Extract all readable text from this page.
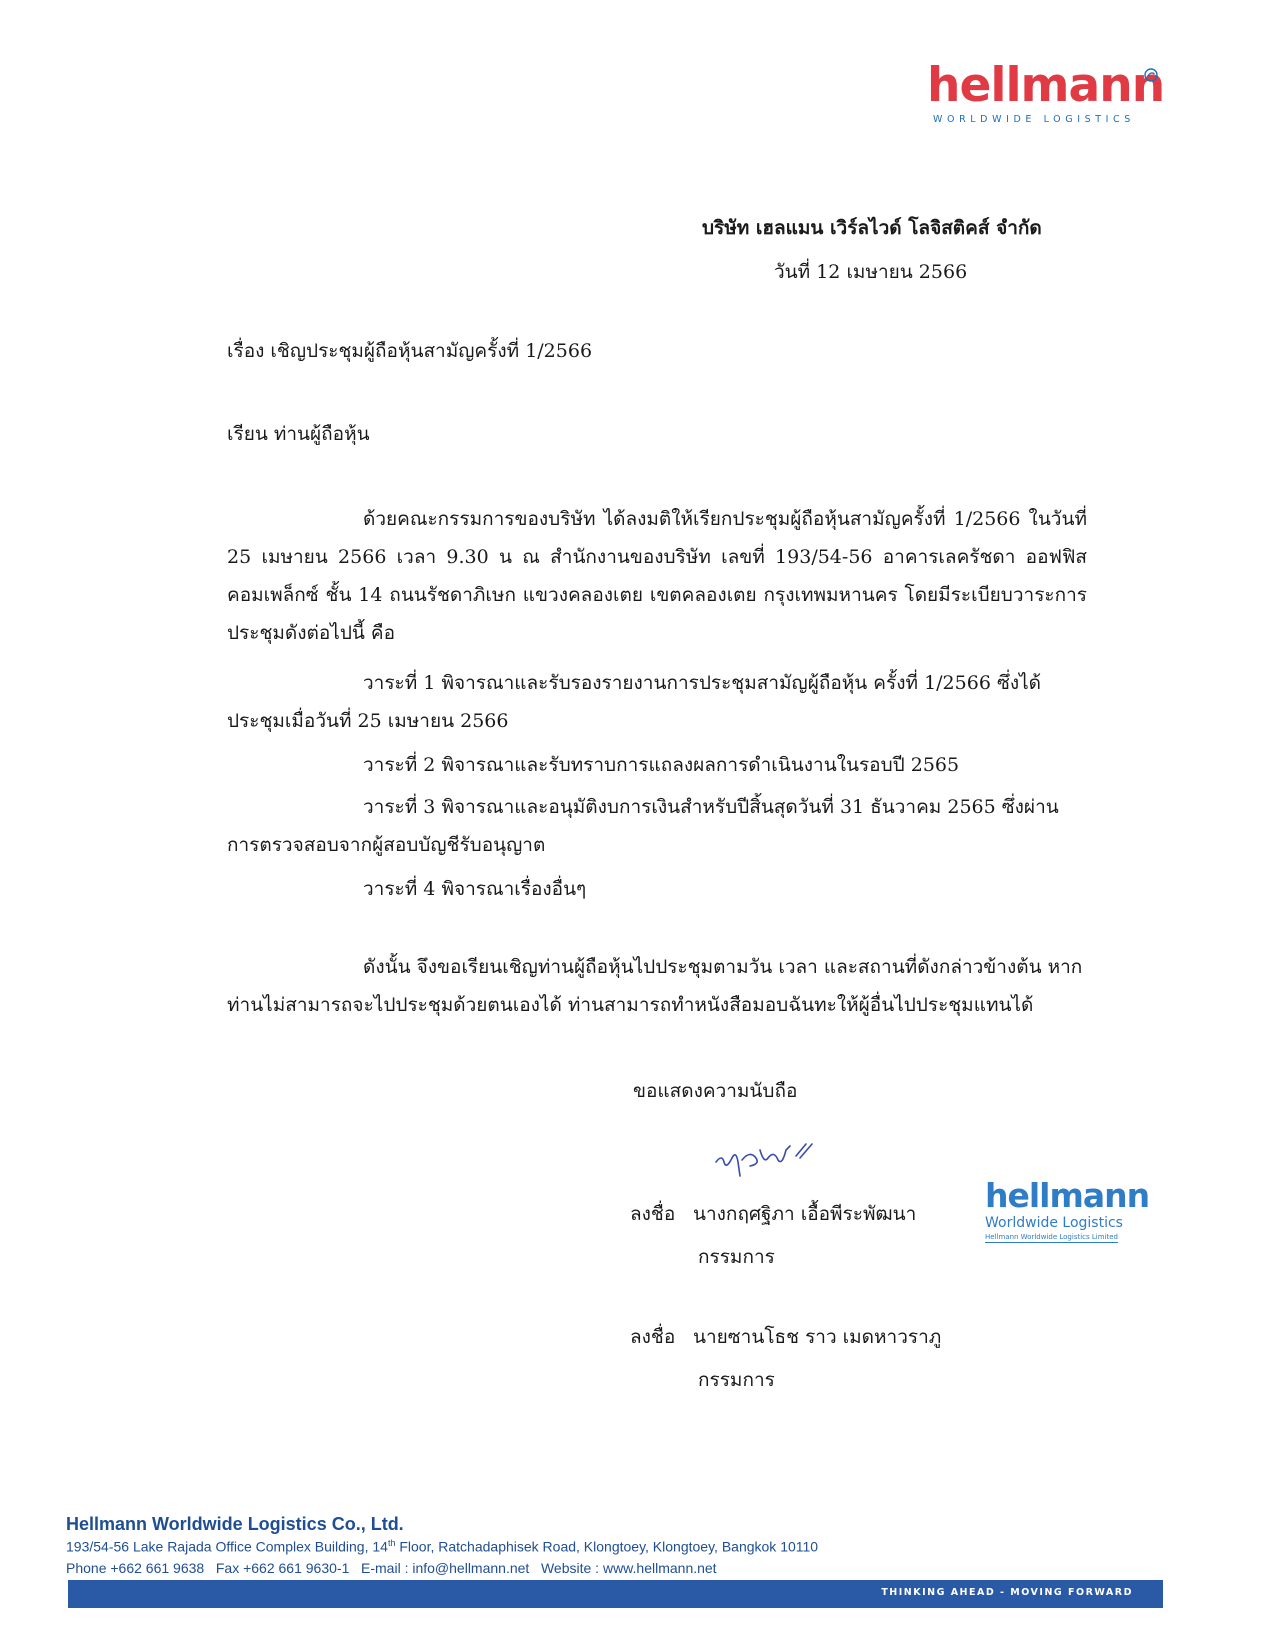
hellmann
WORLDWIDE LOGISTICS
บริษัท เฮลแมน เวิร์ลไวด์ โลจิสติคส์ จำกัด
วันที่ 12 เมษายน 2566
เรื่อง เชิญประชุมผู้ถือหุ้นสามัญครั้งที่ 1/2566
เรียน ท่านผู้ถือหุ้น
ด้วยคณะกรรมการของบริษัท ได้ลงมติให้เรียกประชุมผู้ถือหุ้นสามัญครั้งที่ 1/2566 ในวันที่ 25 เมษายน 2566 เวลา 9.30 น ณ สำนักงานของบริษัท เลขที่ 193/54-56 อาคารเลครัชดา ออฟฟิส คอมเพล็กซ์ ชั้น 14 ถนนรัชดาภิเษก แขวงคลองเตย เขตคลองเตย กรุงเทพมหานคร โดยมีระเบียบวาระการประชุมดังต่อไปนี้ คือ
วาระที่ 1 พิจารณาและรับรองรายงานการประชุมสามัญผู้ถือหุ้น ครั้งที่ 1/2566 ซึ่งได้ประชุมเมื่อวันที่ 25 เมษายน 2566
วาระที่ 2 พิจารณาและรับทราบการแถลงผลการดำเนินงานในรอบปี 2565
วาระที่ 3 พิจารณาและอนุมัติงบการเงินสำหรับปีสิ้นสุดวันที่ 31 ธันวาคม 2565 ซึ่งผ่านการตรวจสอบจากผู้สอบบัญชีรับอนุญาต
วาระที่ 4 พิจารณาเรื่องอื่นๆ
ดังนั้น จึงขอเรียนเชิญท่านผู้ถือหุ้นไปประชุมตามวัน เวลา และสถานที่ดังกล่าวข้างต้น หากท่านไม่สามารถจะไปประชุมด้วยตนเองได้ ท่านสามารถทำหนังสือมอบฉันทะให้ผู้อื่นไปประชุมแทนได้
ขอแสดงความนับถือ
ลงชื่อ นางกฤศฐิภา เอื้อพีระพัฒนา
กรรมการ
hellmann
Worldwide Logistics
Hellmann Worldwide Logistics Limited
ลงชื่อ นายซานโธช ราว เมดหาวราภู
กรรมการ
Hellmann Worldwide Logistics Co., Ltd.
193/54-56 Lake Rajada Office Complex Building, 14th Floor, Ratchadaphisek Road, Klongtoey, Klongtoey, Bangkok 10110
Phone +662 661 9638   Fax +662 661 9630-1   E-mail : info@hellmann.net   Website : www.hellmann.net
THINKING AHEAD - MOVING FORWARD
